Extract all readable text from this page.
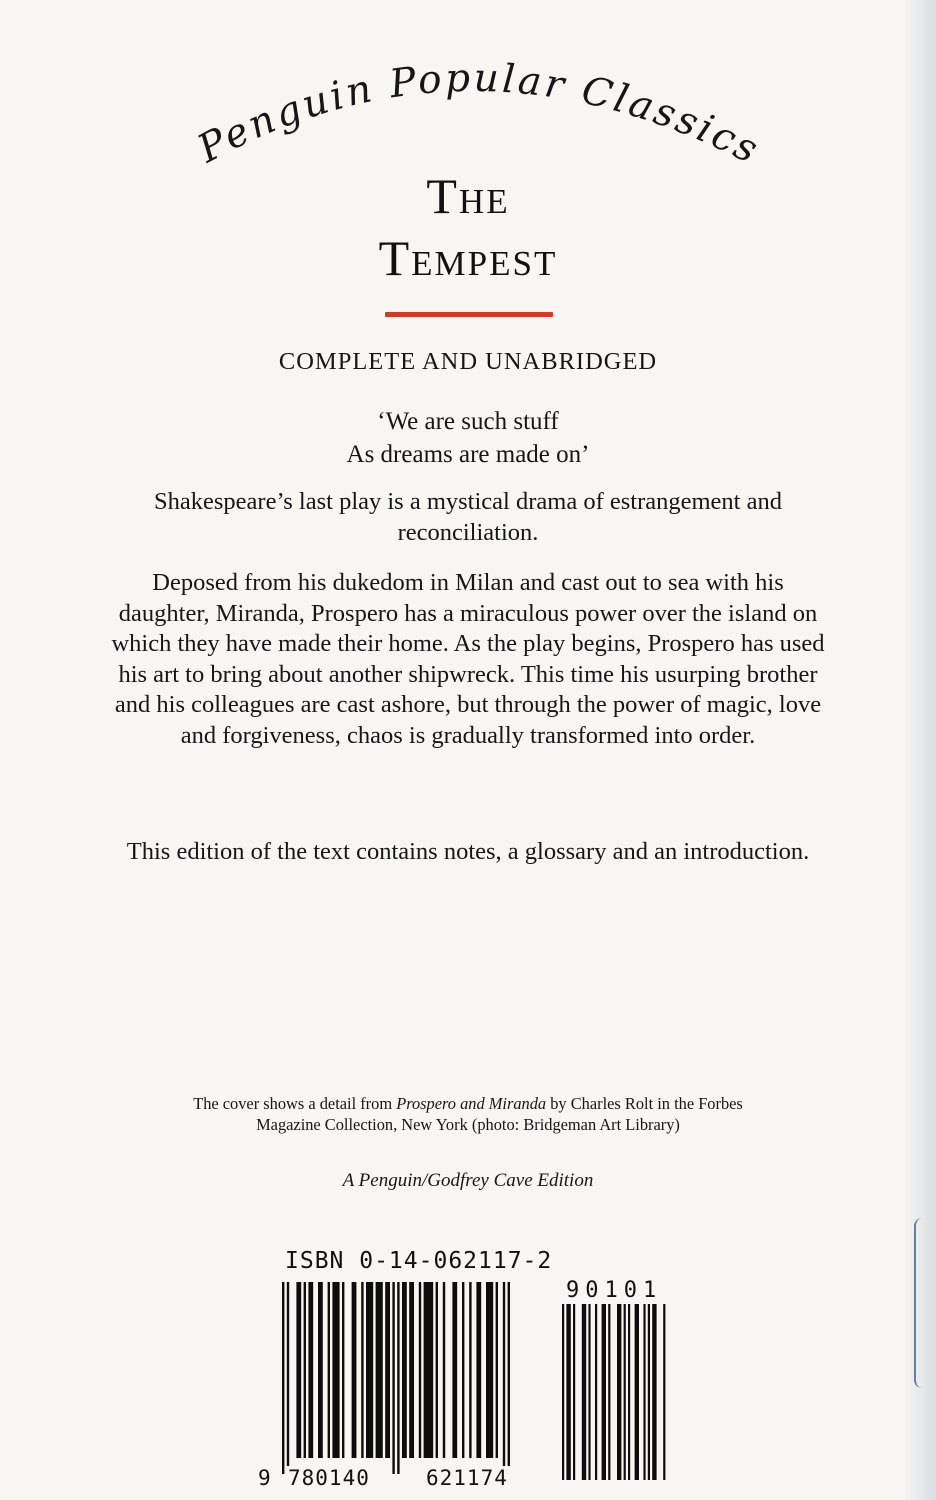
Penguin Popular Classics
The
Tempest
COMPLETE AND UNABRIDGED

‘We are such stuff
As dreams are made on’

Shakespeare’s last play is a mystical drama of estrangement and reconciliation.

Deposed from his dukedom in Milan and cast out to sea with his daughter, Miranda, Prospero has a miraculous power over the island on which they have made their home. As the play begins, Prospero has used his art to bring about another shipwreck. This time his usurping brother and his colleagues are cast ashore, but through the power of magic, love and forgiveness, chaos is gradually transformed into order.

This edition of the text contains notes, a glossary and an introduction.

The cover shows a detail from Prospero and Miranda by Charles Rolt in the Forbes Magazine Collection, New York (photo: Bridgeman Art Library)

A Penguin/Godfrey Cave Edition
ISBN 0-14-062117-2
90101
9 780140	621174
